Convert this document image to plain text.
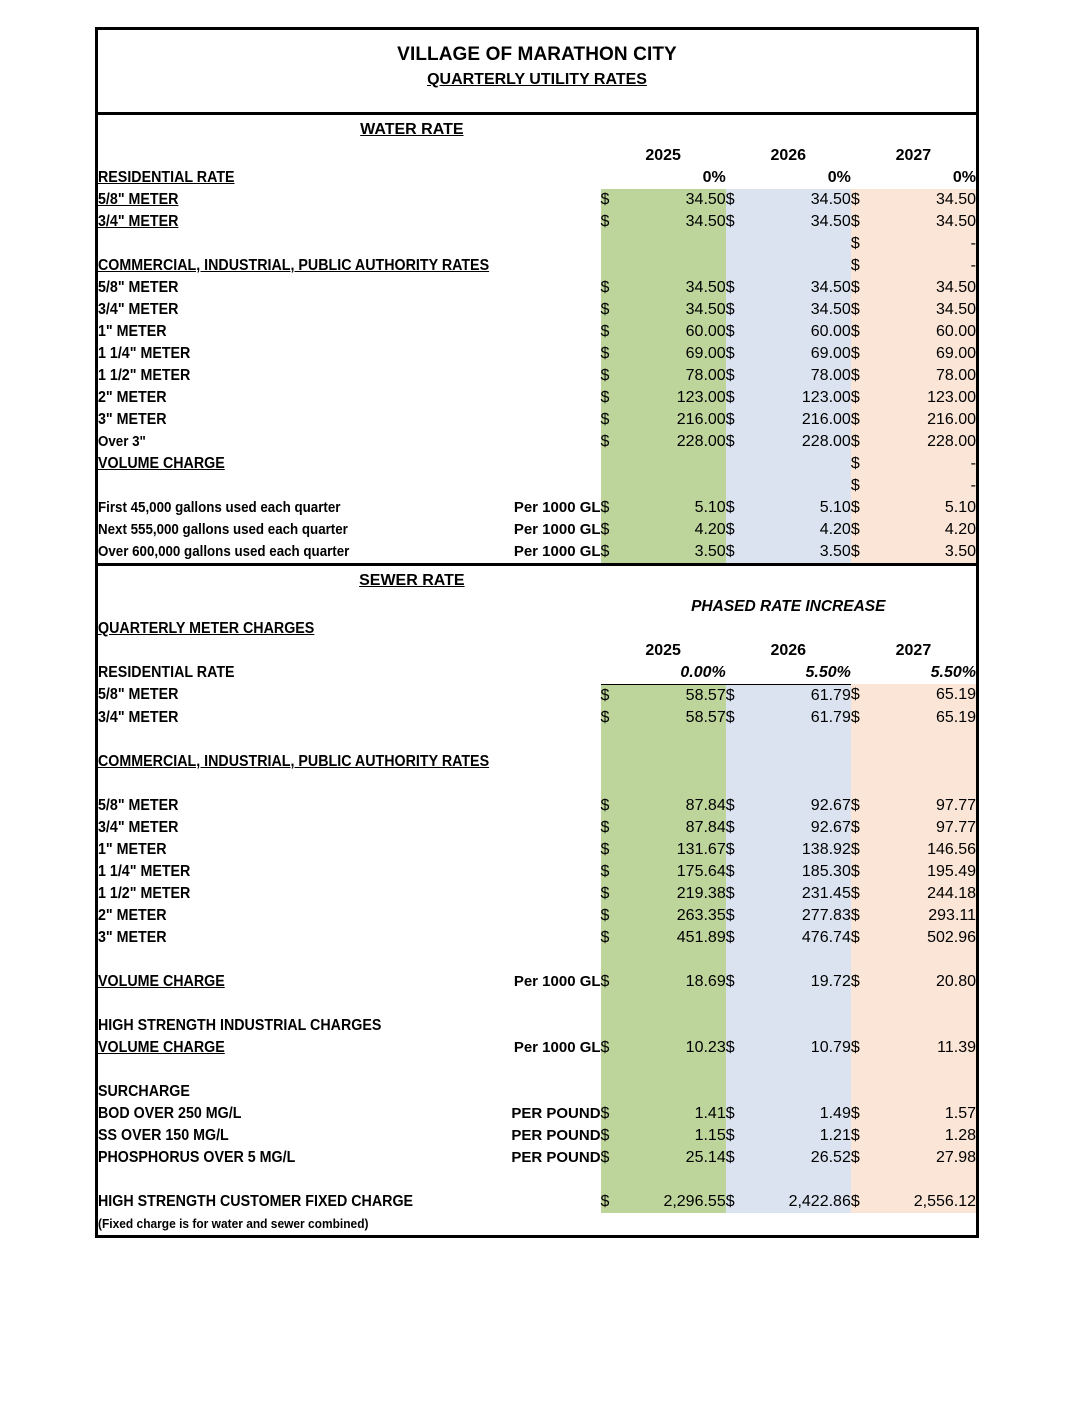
VILLAGE OF MARATHON CITY
QUARTERLY UTILITY RATES
WATER RATE							
		2025		2026		2027	
RESIDENTIAL RATE		0%		0%		0%	
5/8" METER		$	34.50	$	34.50	$	34.50
3/4" METER		$	34.50	$	34.50	$	34.50
						$	-
COMMERCIAL, INDUSTRIAL, PUBLIC AUTHORITY RATES						$	-
5/8" METER		$	34.50	$	34.50	$	34.50
3/4" METER		$	34.50	$	34.50	$	34.50
1" METER		$	60.00	$	60.00	$	60.00
1 1/4" METER		$	69.00	$	69.00	$	69.00
1 1/2" METER		$	78.00	$	78.00	$	78.00
2" METER		$	123.00	$	123.00	$	123.00
3" METER		$	216.00	$	216.00	$	216.00
Over 3"		$	228.00	$	228.00	$	228.00
VOLUME CHARGE						$	-
						$	-
First 45,000 gallons used each quarter	Per 1000 GL	$	5.10	$	5.10	$	5.10
Next 555,000 gallons used each quarter	Per 1000 GL	$	4.20	$	4.20	$	4.20
Over 600,000 gallons used each quarter	Per 1000 GL	$	3.50	$	3.50	$	3.50
SEWER RATE							
		PHASED RATE INCREASE					
QUARTERLY METER CHARGES							
		2025		2026		2027	
RESIDENTIAL RATE		0.00%		5.50%		5.50%	
5/8" METER		$	58.57	$	61.79	$	65.19
3/4" METER		$	58.57	$	61.79	$	65.19

COMMERCIAL, INDUSTRIAL, PUBLIC AUTHORITY RATES							

5/8" METER		$	87.84	$	92.67	$	97.77
3/4" METER		$	87.84	$	92.67	$	97.77
1" METER		$	131.67	$	138.92	$	146.56
1 1/4" METER		$	175.64	$	185.30	$	195.49
1 1/2" METER		$	219.38	$	231.45	$	244.18
2" METER		$	263.35	$	277.83	$	293.11
3" METER		$	451.89	$	476.74	$	502.96

VOLUME CHARGE	Per 1000 GL	$	18.69	$	19.72	$	20.80

HIGH STRENGTH INDUSTRIAL CHARGES							
VOLUME CHARGE	Per 1000 GL	$	10.23	$	10.79	$	11.39

SURCHARGE							
BOD OVER 250 MG/L	PER POUND	$	1.41	$	1.49	$	1.57
SS OVER 150 MG/L	PER POUND	$	1.15	$	1.21	$	1.28
PHOSPHORUS OVER 5 MG/L	PER POUND	$	25.14	$	26.52	$	27.98

HIGH STRENGTH CUSTOMER FIXED CHARGE		$	2,296.55	$	2,422.86	$	2,556.12
(Fixed charge is for water and sewer combined)							
